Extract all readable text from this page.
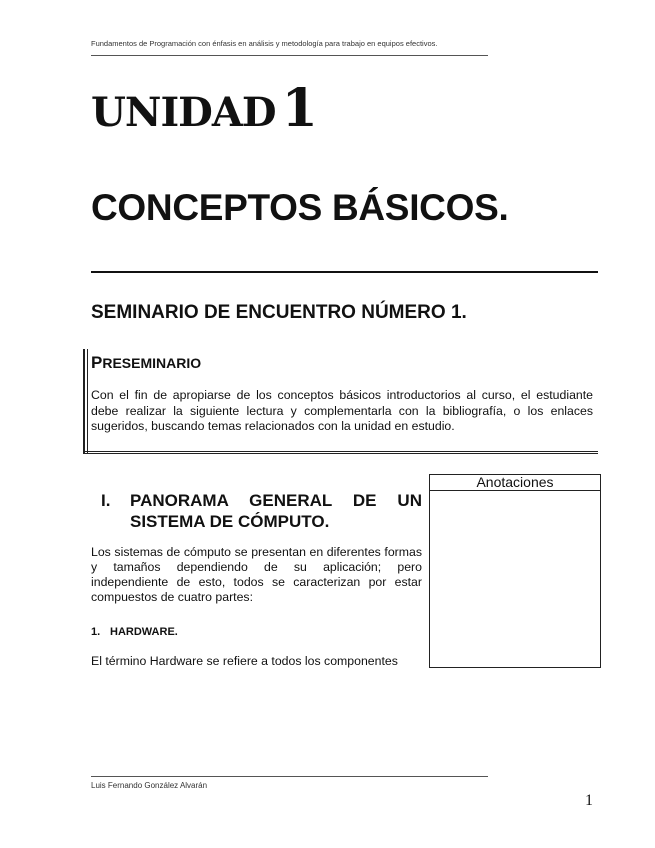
Fundamentos de Programación con énfasis en análisis y metodología para trabajo en equipos efectivos.
UNIDAD 1
CONCEPTOS BÁSICOS.
SEMINARIO DE ENCUENTRO NÚMERO 1.
PRESEMINARIO
Con el fin de apropiarse de los conceptos básicos introductorios al curso, el estudiante debe realizar la siguiente lectura y complementarla con la bibliografía, o los enlaces sugeridos, buscando temas relacionados con la unidad en estudio.
Anotaciones
I. PANORAMA GENERAL DE UN SISTEMA DE CÓMPUTO.
Los sistemas de cómputo se presentan en diferentes formas y tamaños dependiendo de su aplicación; pero independiente de esto, todos se caracterizan por estar compuestos de cuatro partes:
1. HARDWARE.
El término Hardware se refiere a todos los componentes
Luis Fernando González Alvarán
1
